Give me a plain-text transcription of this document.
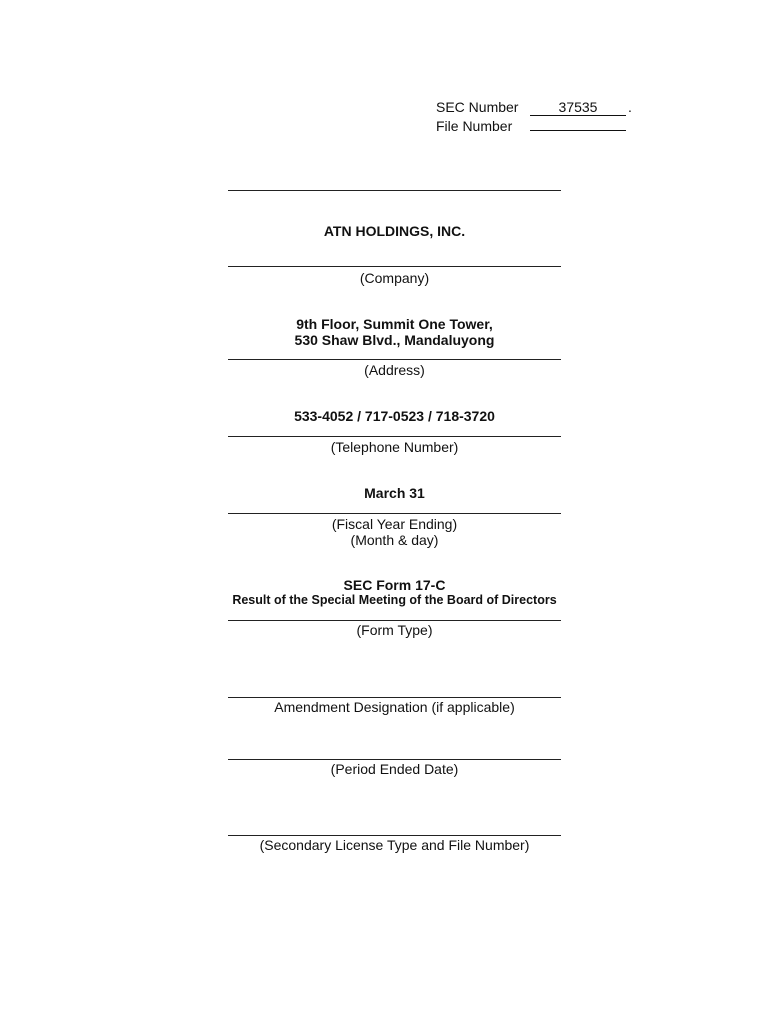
SEC Number	37535	.
File Number
ATN HOLDINGS, INC.
(Company)
9th Floor, Summit One Tower,
530 Shaw Blvd., Mandaluyong
(Address)
533-4052 / 717-0523 / 718-3720
(Telephone Number)
March 31
(Fiscal Year Ending)
(Month & day)
SEC Form 17-C
Result of the Special Meeting of the Board of Directors
(Form Type)
Amendment Designation (if applicable)
(Period Ended Date)
(Secondary License Type and File Number)
